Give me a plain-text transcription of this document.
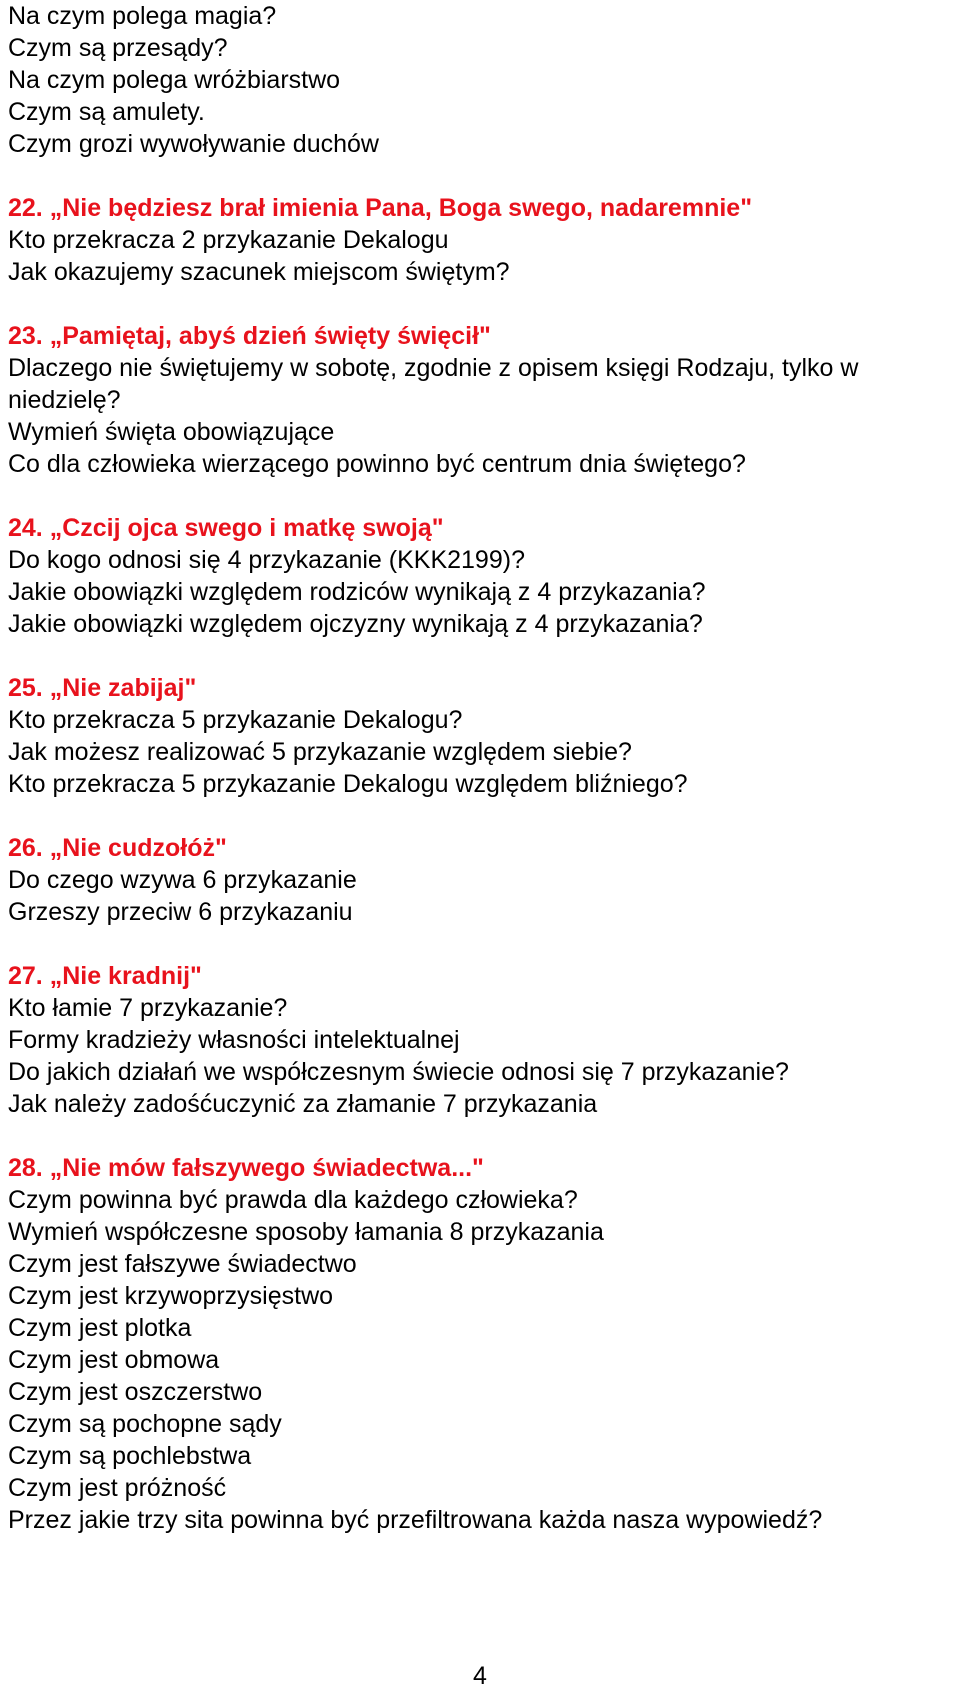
Na czym polega magia?

Czym są przesądy?

Na czym polega wróżbiarstwo

Czym są amulety.

Czym grozi wywoływanie duchów

22. „Nie będziesz brał imienia Pana, Boga swego, nadaremnie"

Kto przekracza 2 przykazanie Dekalogu

Jak okazujemy szacunek miejscom świętym?

23. „Pamiętaj, abyś dzień święty święcił"

Dlaczego nie świętujemy w sobotę, zgodnie z opisem księgi Rodzaju, tylko w niedzielę?

Wymień święta obowiązujące

Co dla człowieka wierzącego powinno być centrum dnia świętego?

24. „Czcij ojca swego i matkę swoją"

Do kogo odnosi się 4 przykazanie (KKK2199)?

Jakie obowiązki względem rodziców wynikają z 4 przykazania?

Jakie obowiązki względem ojczyzny wynikają z 4 przykazania?

25. „Nie zabijaj"

Kto przekracza 5 przykazanie Dekalogu?

Jak możesz realizować 5 przykazanie względem siebie?

Kto przekracza 5 przykazanie Dekalogu względem bliźniego?

26. „Nie cudzołóż"

Do czego wzywa 6 przykazanie

Grzeszy przeciw 6 przykazaniu

27. „Nie kradnij"

Kto łamie 7 przykazanie?

Formy kradzieży własności intelektualnej

Do jakich działań we współczesnym świecie odnosi się 7 przykazanie?

Jak należy zadośćuczynić za złamanie 7 przykazania

28. „Nie mów fałszywego świadectwa..."

Czym powinna być prawda dla każdego człowieka?

Wymień współczesne sposoby łamania 8 przykazania

Czym jest fałszywe świadectwo

Czym jest krzywoprzysięstwo

Czym jest plotka

Czym jest obmowa

Czym jest oszczerstwo

Czym są pochopne sądy

Czym są pochlebstwa

Czym jest próżność

Przez jakie trzy sita powinna być przefiltrowana każda nasza wypowiedź?

4
